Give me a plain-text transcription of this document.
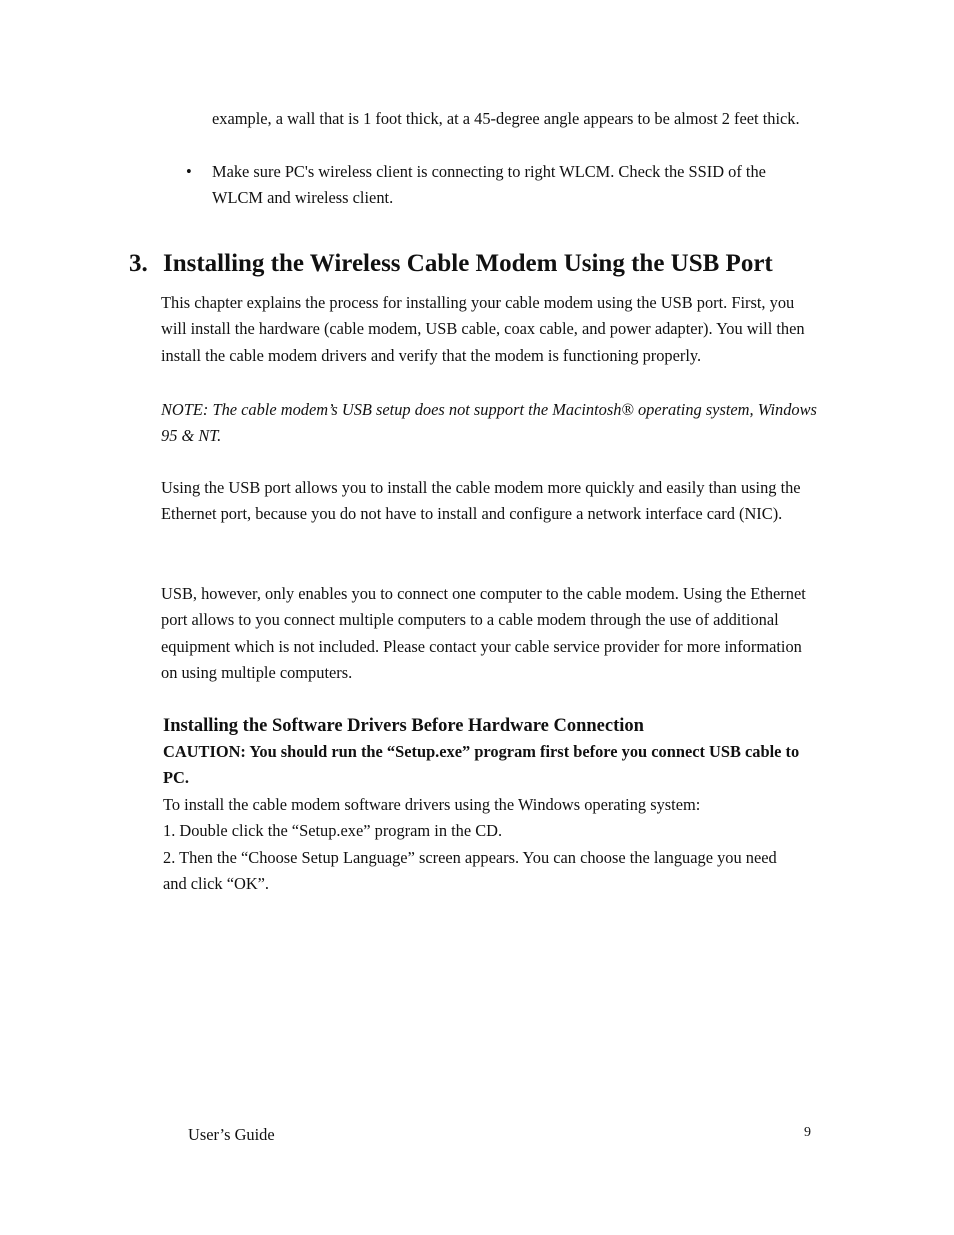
example, a wall that is 1 foot thick, at a 45-degree angle appears to be almost 2 feet thick.

• Make sure PC's wireless client is connecting to right WLCM. Check the SSID of the WLCM and wireless client.
3. Installing the Wireless Cable Modem Using the USB Port

This chapter explains the process for installing your cable modem using the USB port. First, you will install the hardware (cable modem, USB cable, coax cable, and power adapter). You will then install the cable modem drivers and verify that the modem is functioning properly.

NOTE: The cable modem’s USB setup does not support the Macintosh® operating system, Windows 95 & NT.

Using the USB port allows you to install the cable modem more quickly and easily than using the Ethernet port, because you do not have to install and configure a network interface card (NIC).

USB, however, only enables you to connect one computer to the cable modem. Using the Ethernet port allows to you connect multiple computers to a cable modem through the use of additional equipment which is not included. Please contact your cable service provider for more information on using multiple computers.

Installing the Software Drivers Before Hardware Connection

CAUTION: You should run the “Setup.exe” program first before you connect USB cable to PC.

To install the cable modem software drivers using the Windows operating system:

1. Double click the “Setup.exe” program in the CD.

2. Then the “Choose Setup Language” screen appears. You can choose the language you need and click “OK”.

User’s Guide	9
